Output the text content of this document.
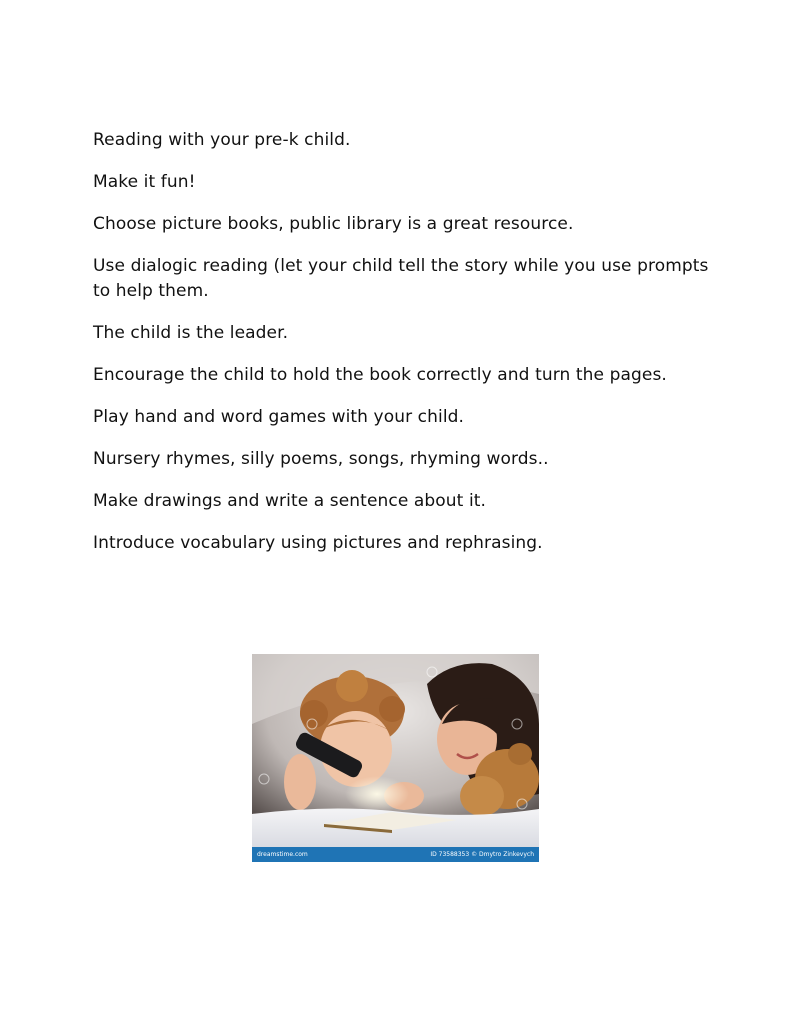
Reading with your pre-k child.

Make it fun!

Choose picture books, public library is a great resource.

Use dialogic reading (let your child tell the story while you use prompts to help them.

The child is the leader.

Encourage the child to hold the book correctly and turn the pages.

Play hand and word games with your child.

Nursery rhymes, silly poems, songs, rhyming words..

Make drawings and write a sentence about it.

Introduce vocabulary using pictures and rephrasing.

dreamstime.com	ID 73588353 © Dmytro Zinkevych
